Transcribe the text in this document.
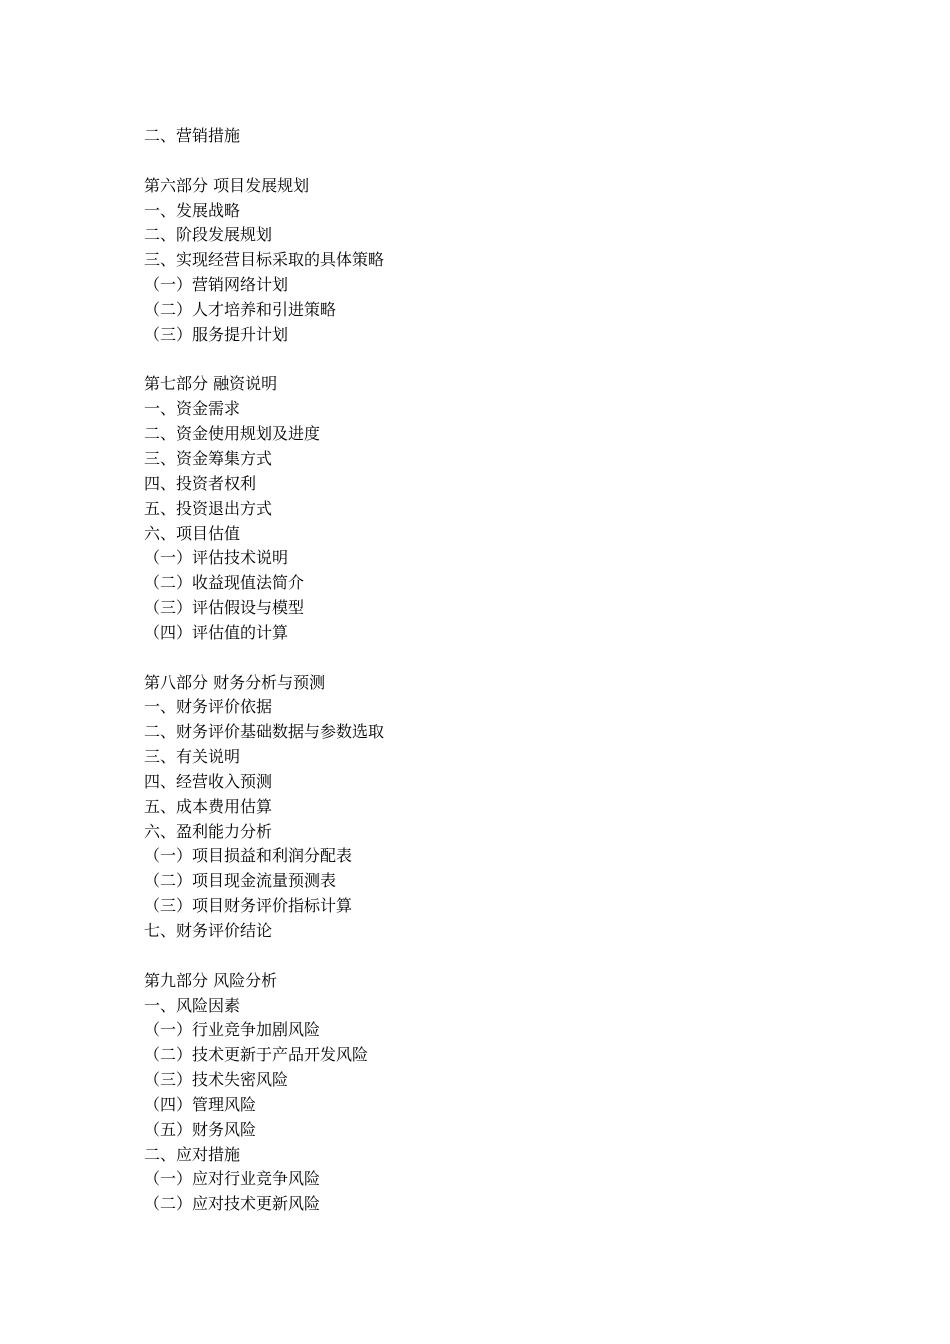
二、营销措施
第六部分 项目发展规划
一、发展战略
二、阶段发展规划
三、实现经营目标采取的具体策略
（一）营销网络计划
（二）人才培养和引进策略
（三）服务提升计划
第七部分 融资说明
一、资金需求
二、资金使用规划及进度
三、资金筹集方式
四、投资者权利
五、投资退出方式
六、项目估值
（一）评估技术说明
（二）收益现值法简介
（三）评估假设与模型
（四）评估值的计算
第八部分 财务分析与预测
一、财务评价依据
二、财务评价基础数据与参数选取
三、有关说明
四、经营收入预测
五、成本费用估算
六、盈利能力分析
（一）项目损益和利润分配表
（二）项目现金流量预测表
（三）项目财务评价指标计算
七、财务评价结论
第九部分 风险分析
一、风险因素
（一）行业竞争加剧风险
（二）技术更新于产品开发风险
（三）技术失密风险
（四）管理风险
（五）财务风险
二、应对措施
（一）应对行业竞争风险
（二）应对技术更新风险
